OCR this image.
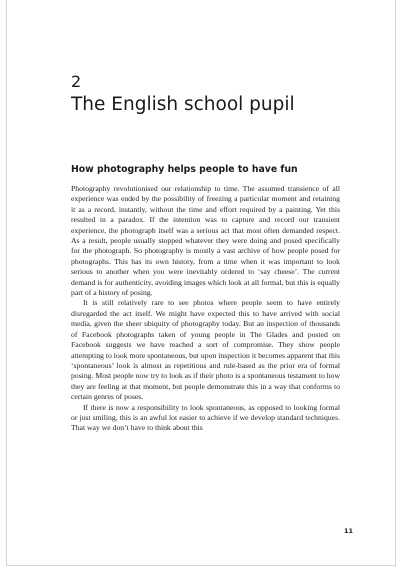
2
The English school pupil
How photography helps people to have fun

Photography revolutionised our relationship to time. The assumed transience of all experience was ended by the possibility of freezing a particular moment and retaining it as a record, instantly, without the time and effort required by a painting. Yet this resulted in a paradox. If the intention was to capture and record our transient experience, the photograph itself was a serious act that most often demanded respect. As a result, people usually stopped whatever they were doing and posed specifically for the photograph. So photography is mostly a vast archive of how people posed for photographs. This has its own history, from a time when it was important to look serious to another when you were inevitably ordered to ‘say cheese’. The current demand is for authenticity, avoiding images which look at all formal, but this is equally part of a history of posing.

It is still relatively rare to see photos where people seem to have entirely disregarded the act itself. We might have expected this to have arrived with social media, given the sheer ubiquity of photography today. But an inspection of thousands of Facebook photographs taken of young people in The Glades and posted on Facebook suggests we have reached a sort of compromise. They show people attempting to look more spontaneous, but upon inspection it becomes apparent that this ‘spontaneous’ look is almost as repetitious and rule-based as the prior era of formal posing. Most people now try to look as if their photo is a spontaneous testament to how they are feeling at that moment, but people demonstrate this in a way that conforms to certain genres of poses.

If there is now a responsibility to look spontaneous, as opposed to looking formal or just smiling, this is an awful lot easier to achieve if we develop standard techniques. That way we don’t have to think about this

11
